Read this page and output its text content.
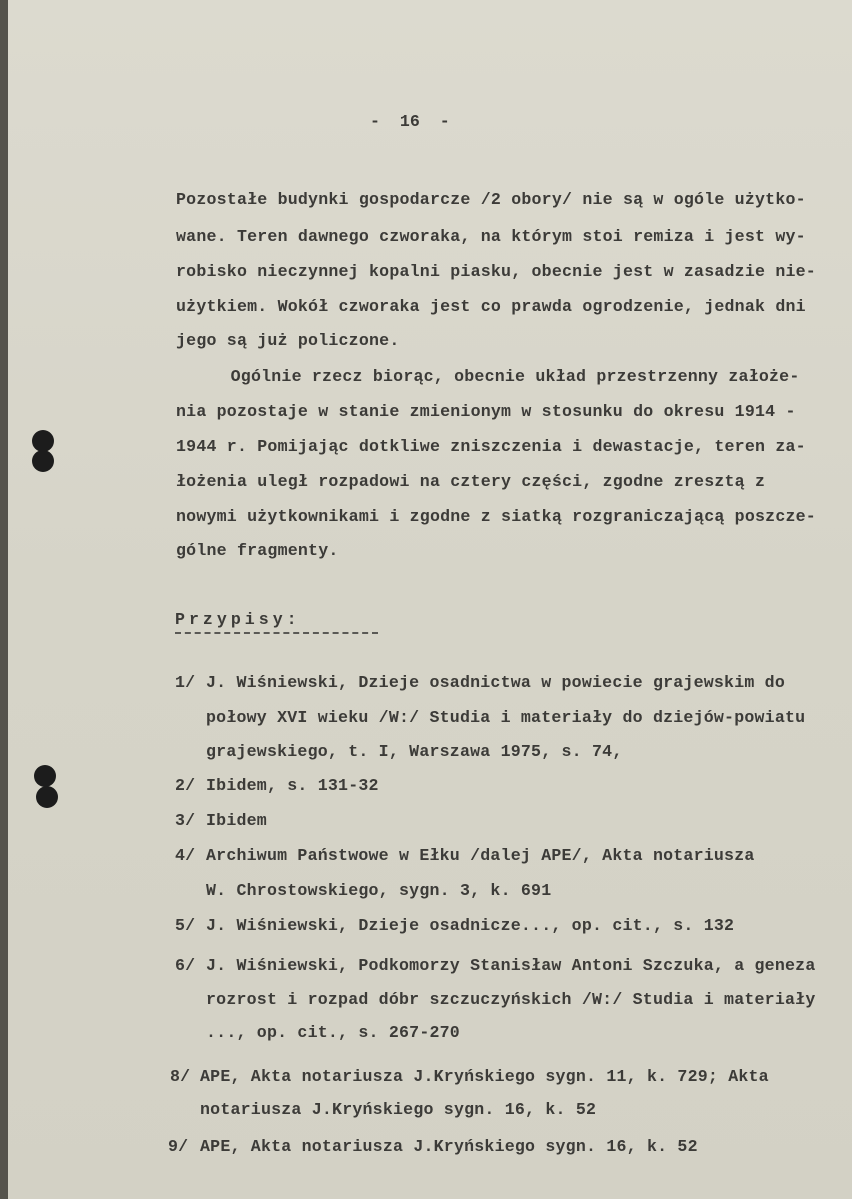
-  16  -
Pozostałe budynki gospodarcze /2 obory/ nie są w ogóle użytko-
wane. Teren dawnego czworaka, na którym stoi remiza i jest wy-
robisko nieczynnej kopalni piasku, obecnie jest w zasadzie nie-
użytkiem. Wokół czworaka jest co prawda ogrodzenie, jednak dni
jego są już policzone.
Ogólnie rzecz biorąc, obecnie układ przestrzenny założe-
nia pozostaje w stanie zmienionym w stosunku do okresu 1914 -
1944 r. Pomijając dotkliwe zniszczenia i dewastacje, teren za-
łożenia uległ rozpadowi na cztery części, zgodne zresztą z
nowymi użytkownikami i zgodne z siatką rozgraniczającą poszcze-
gólne fragmenty.
Przypisy:
1/ J. Wiśniewski, Dzieje osadnictwa w powiecie grajewskim do
połowy XVI wieku /W:/ Studia i materiały do dziejów-powiatu
grajewskiego, t. I, Warszawa 1975, s. 74,
2/ Ibidem, s. 131-32
3/ Ibidem
4/ Archiwum Państwowe w Ełku /dalej APE/, Akta notariusza
W. Chrostowskiego, sygn. 3, k. 691
5/ J. Wiśniewski, Dzieje osadnicze..., op. cit., s. 132
6/ J. Wiśniewski, Podkomorzy Stanisław Antoni Szczuka, a geneza
rozrost i rozpad dóbr szczuczyńskich /W:/ Studia i materiały
..., op. cit., s. 267-270
8/ APE, Akta notariusza J.Kryńskiego sygn. 11, k. 729; Akta
notariusza J.Kryńskiego sygn. 16, k. 52
9/ APE, Akta notariusza J.Kryńskiego sygn. 16, k. 52
